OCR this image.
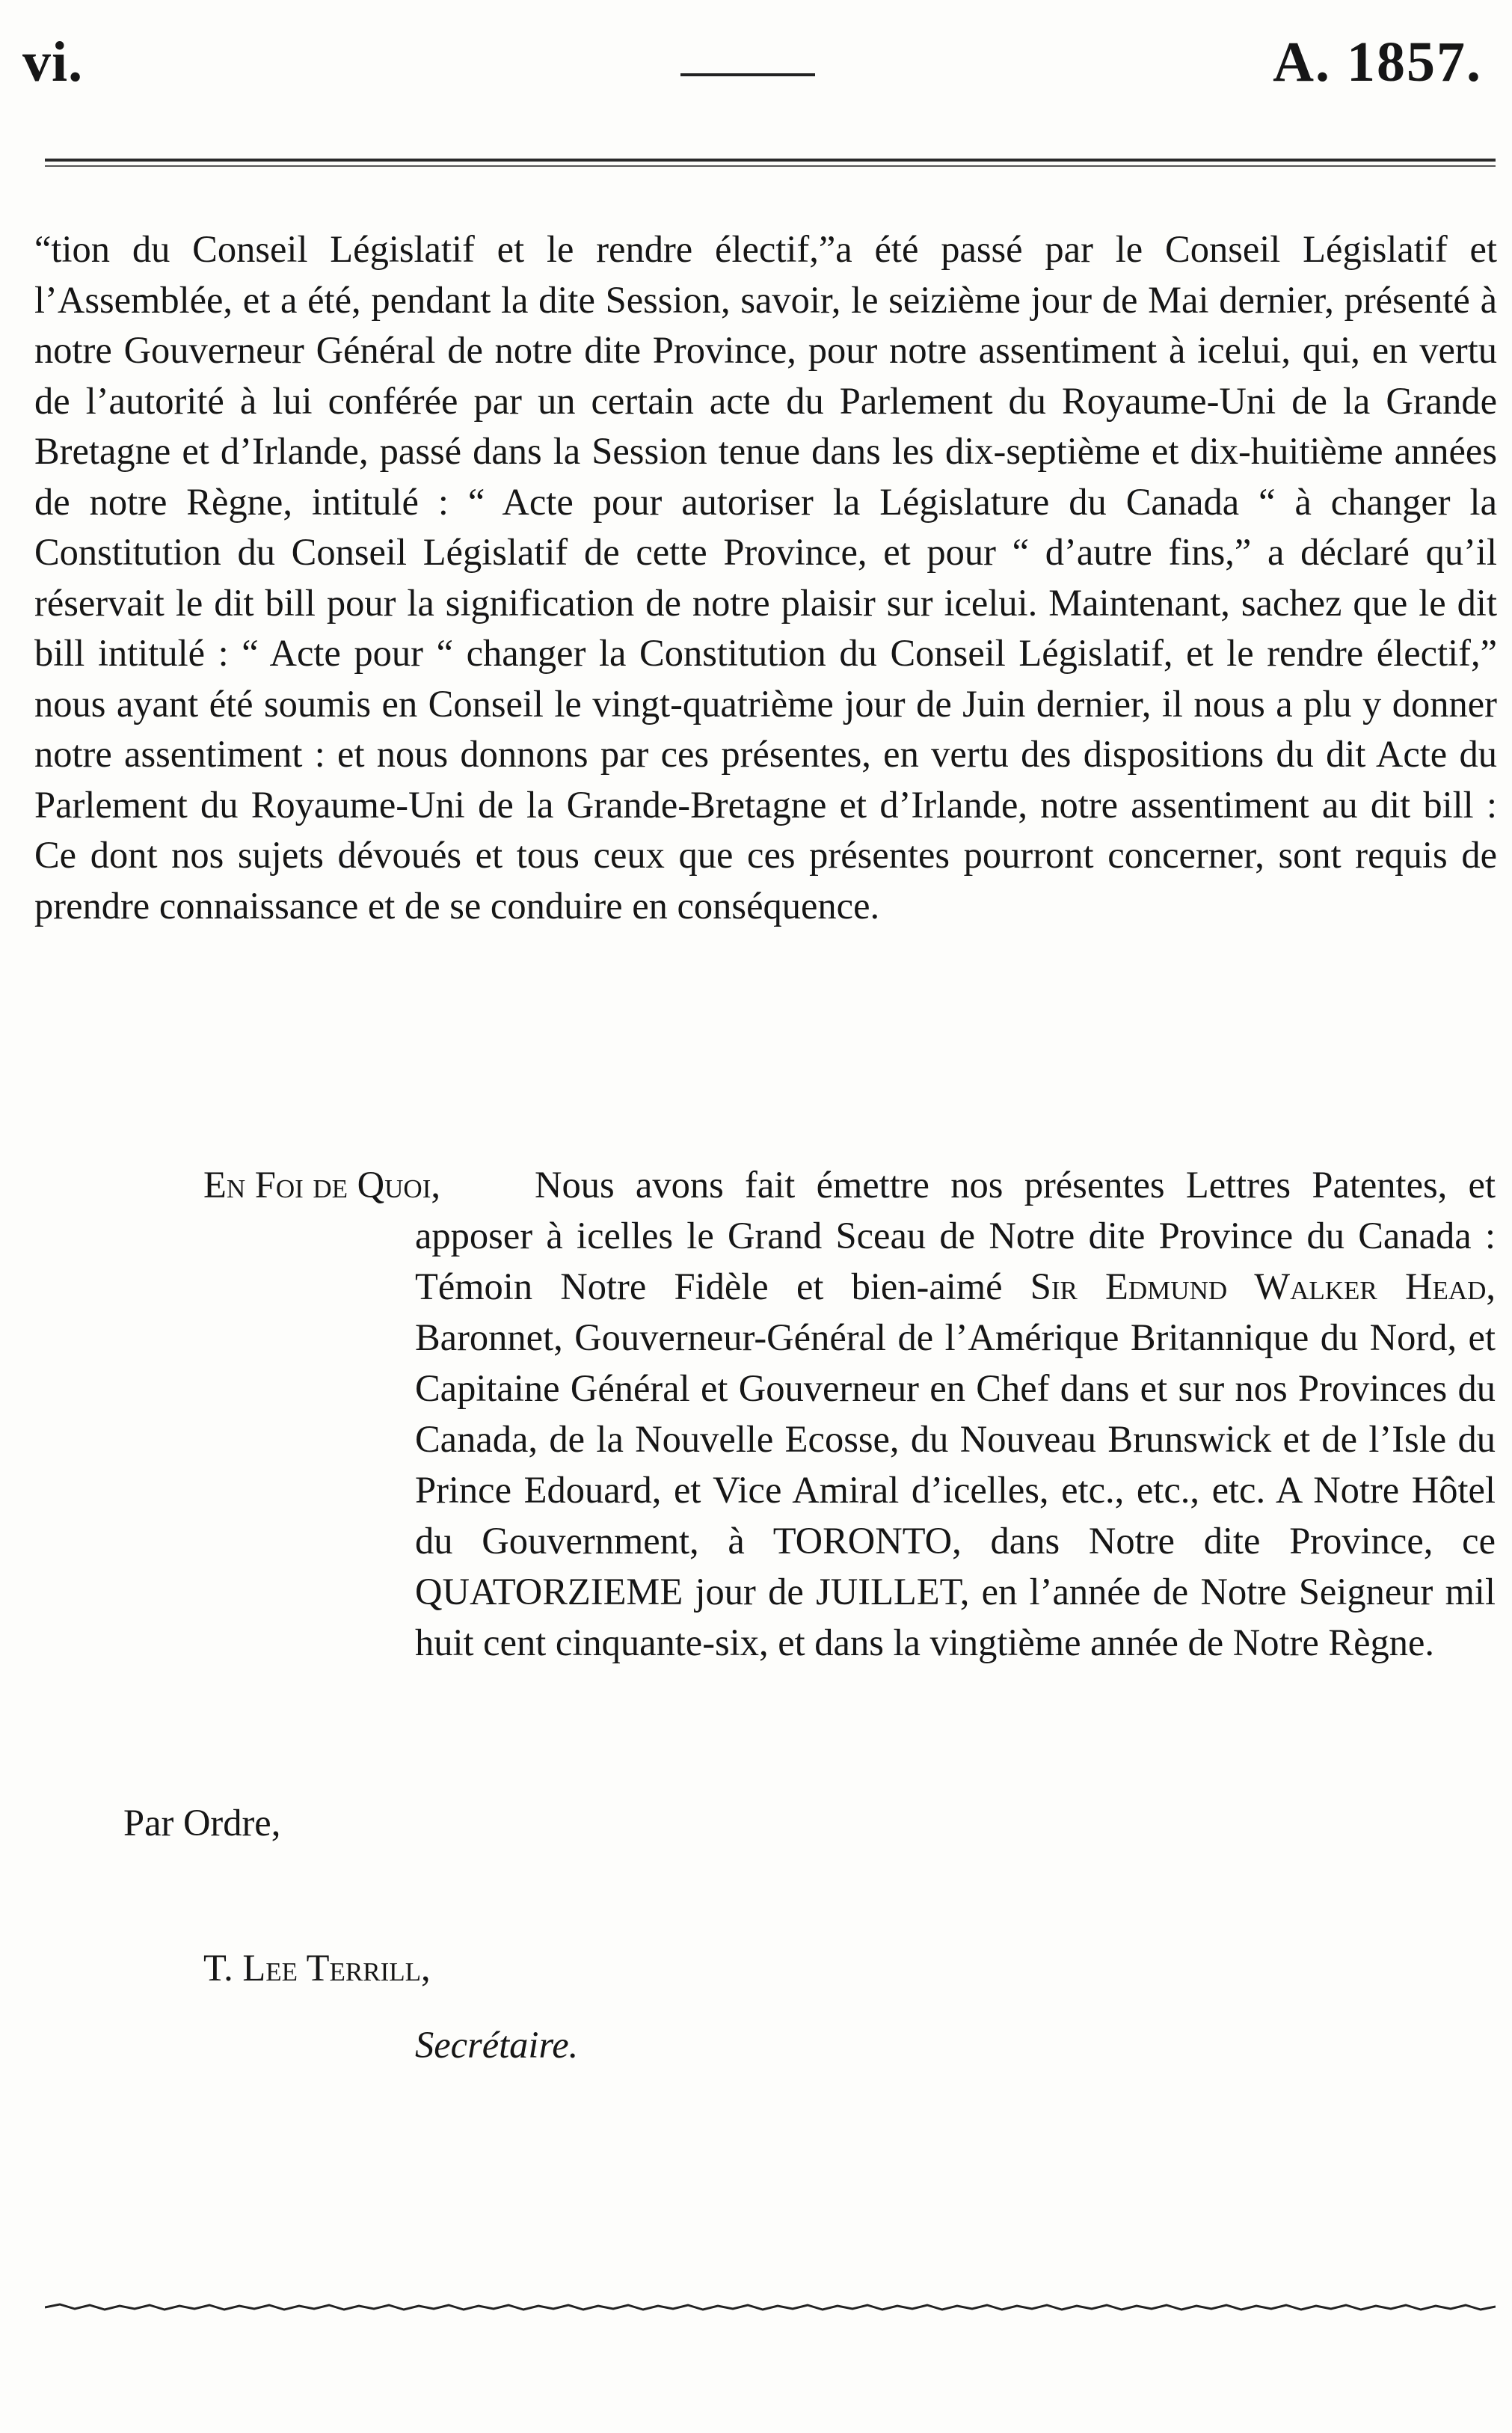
vi.	A. 1857.
“tion du Conseil Législatif et le rendre électif,”a été passé par le Conseil Législatif et l’Assemblée, et a été, pendant la dite Session, savoir, le seizième jour de Mai dernier, présenté à notre Gouverneur Général de notre dite Province, pour notre assentiment à icelui, qui, en vertu de l’autorité à lui conférée par un certain acte du Parlement du Royaume-Uni de la Grande Bretagne et d’Irlande, passé dans la Session tenue dans les dix-septième et dix-huitième années de notre Règne, intitulé : “ Acte pour autoriser la Législature du Canada “ à changer la Constitution du Conseil Législatif de cette Province, et pour “ d’autre fins,” a déclaré qu’il réservait le dit bill pour la signification de notre plaisir sur icelui. Maintenant, sachez que le dit bill intitulé : “ Acte pour “ changer la Constitution du Conseil Législatif, et le rendre électif,” nous ayant été soumis en Conseil le vingt-quatrième jour de Juin dernier, il nous a plu y donner notre assentiment : et nous donnons par ces présentes, en vertu des dispositions du dit Acte du Parlement du Royaume-Uni de la Grande-Bretagne et d’Irlande, notre assentiment au dit bill : Ce dont nos sujets dévoués et tous ceux que ces présentes pourront concerner, sont requis de prendre connaissance et de se conduire en conséquence.
En Foi de Quoi,	Nous avons fait émettre nos présentes Lettres Patentes, et apposer à icelles le Grand Sceau de Notre dite Province du Canada : Témoin Notre Fidèle et bien-aimé Sir Edmund Walker Head, Baronnet, Gouverneur-Général de l’Amérique Britannique du Nord, et Capitaine Général et Gouverneur en Chef dans et sur nos Provinces du Canada, de la Nouvelle Ecosse, du Nouveau Brunswick et de l’Isle du Prince Edouard, et Vice Amiral d’icelles, etc., etc., etc. A Notre Hôtel du Gouvernment, à TORONTO, dans Notre dite Province, ce QUATORZIEME jour de JUILLET, en l’année de Notre Seigneur mil huit cent cinquante-six, et dans la vingtième année de Notre Règne.
Par Ordre,
T. Lee Terrill,
Secrétaire.
